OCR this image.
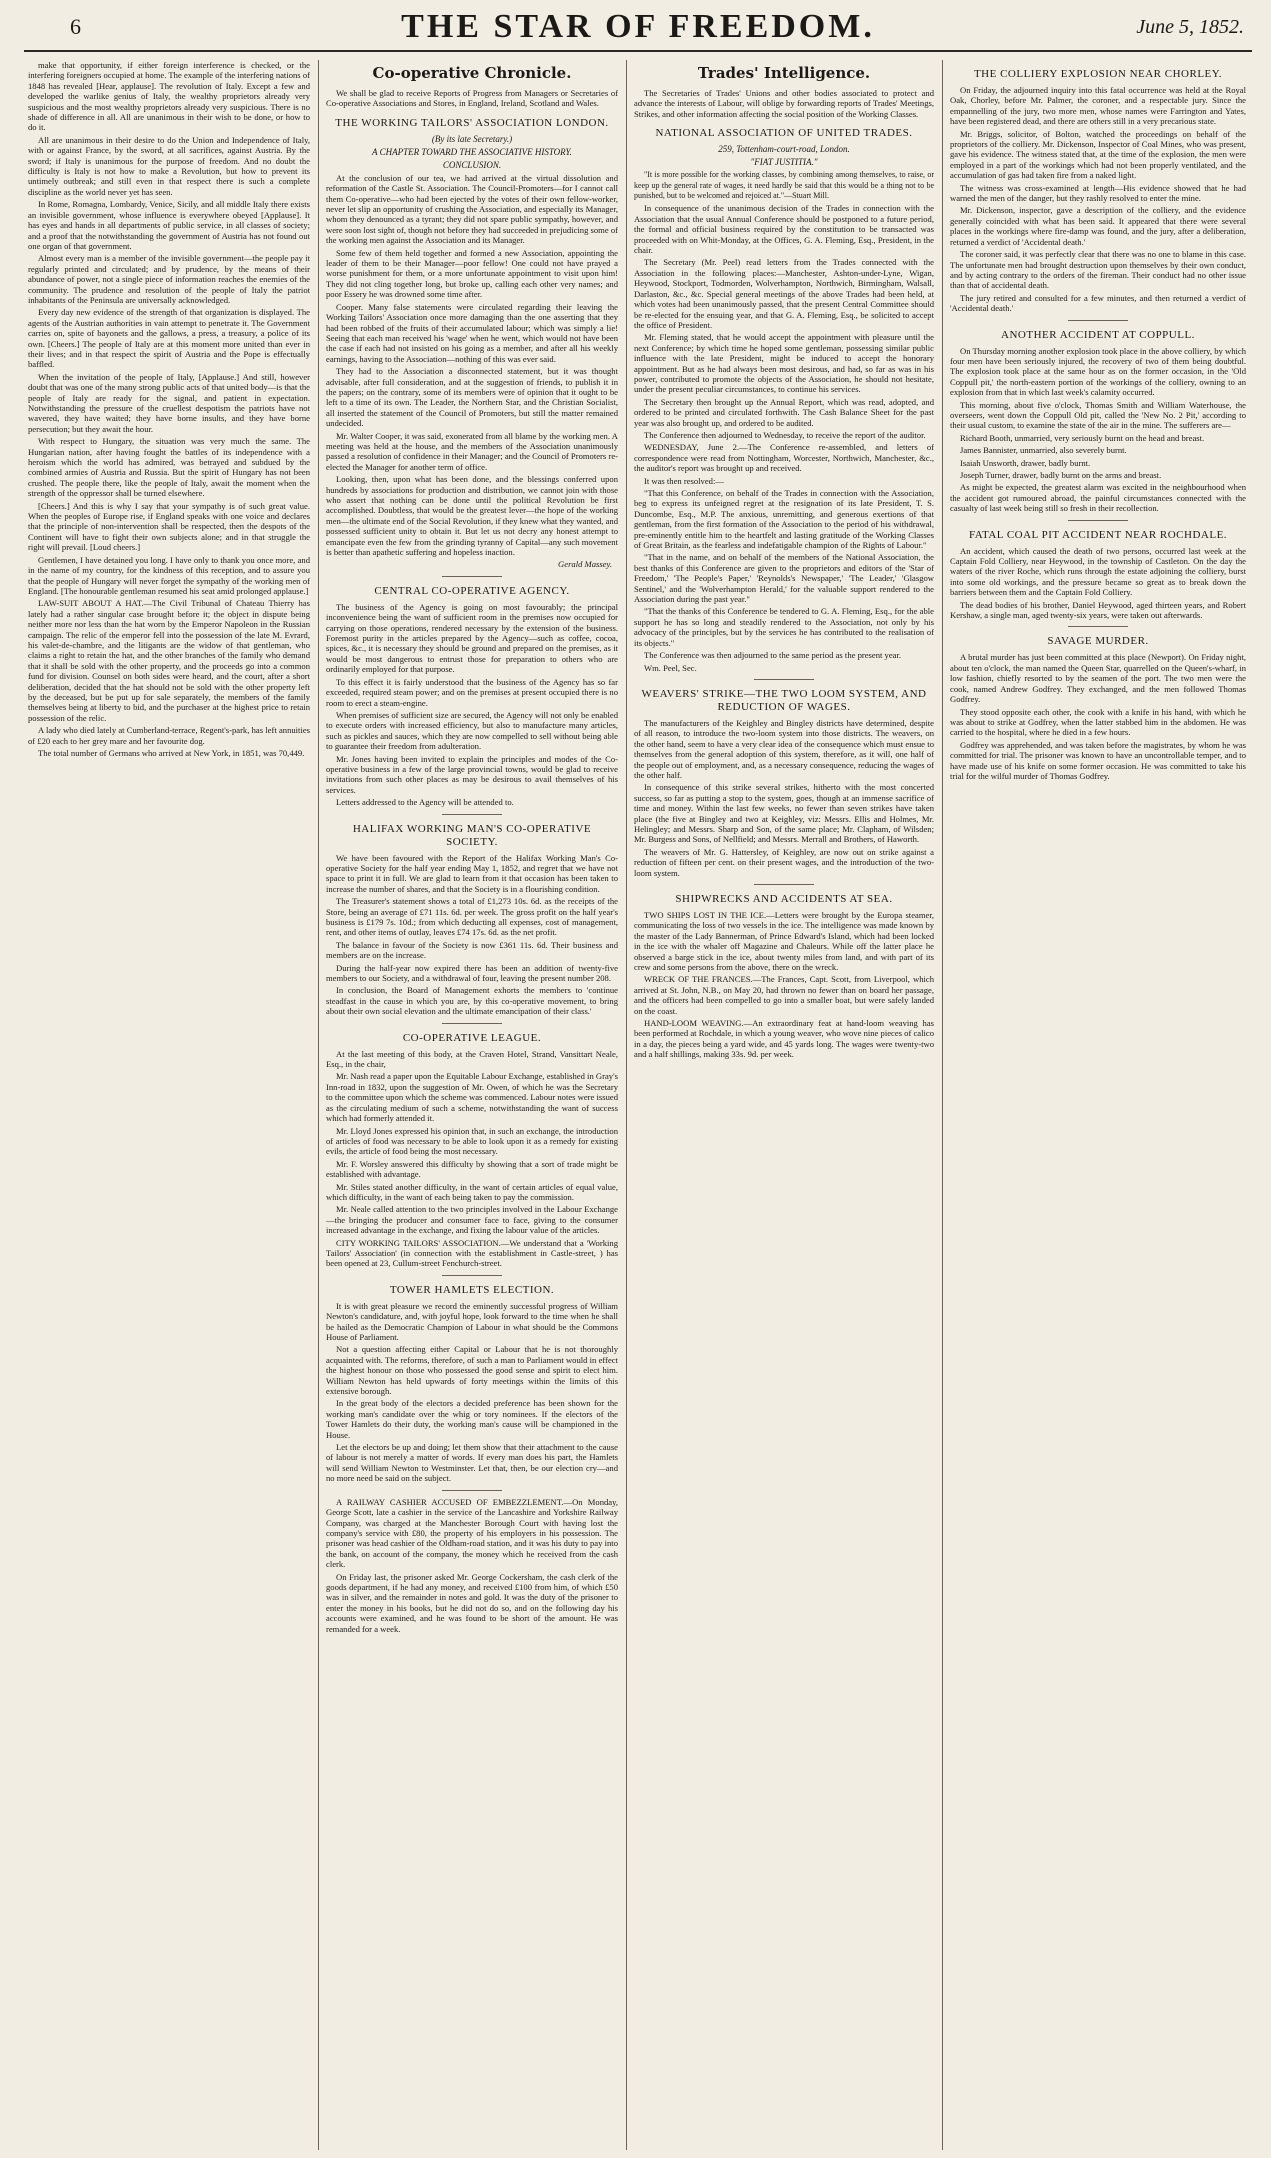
6	THE STAR OF FREEDOM.	June 5, 1852.

make that opportunity, if either foreign interference is checked, or the interfering foreigners occupied at home. The example of the interfering nations of 1848 has revealed [Hear, applause]. The revolution of Italy. Except a few and developed the warlike genius of Italy, the wealthy proprietors already very suspicious and the most wealthy proprietors already very suspicious. There is no shade of difference in all. All are unanimous in their wish to be done, or how to do it.

All are unanimous in their desire to do the Union and Independence of Italy, with or against France, by the sword, at all sacrifices, against Austria. By the sword; if Italy is unanimous for the purpose of freedom. And no doubt the difficulty is Italy is not how to make a Revolution, but how to prevent its untimely outbreak; and still even in that respect there is such a complete discipline as the world never yet has seen.

In Rome, Romagna, Lombardy, Venice, Sicily, and all middle Italy there exists an invisible government, whose influence is everywhere obeyed [Applause]. It has eyes and hands in all departments of public service, in all classes of society; and a proof that the notwithstanding the government of Austria has not found out one organ of that government.

Almost every man is a member of the invisible government—the people pay it regularly printed and circulated; and by prudence, by the means of their abundance of power, not a single piece of information reaches the enemies of the community. The prudence and resolution of the people of Italy the patriot inhabitants of the Peninsula are universally acknowledged.

Every day new evidence of the strength of that organization is displayed. The agents of the Austrian authorities in vain attempt to penetrate it. The Government carries on, spite of bayonets and the gallows, a press, a treasury, a police of its own. [Cheers.] The people of Italy are at this moment more united than ever in their lives; and in that respect the spirit of Austria and the Pope is effectually baffled.

When the invitation of the people of Italy, [Applause.] And still, however doubt that was one of the many strong public acts of that united body—is that the people of Italy are ready for the signal, and patient in expectation. Notwithstanding the pressure of the cruellest despotism the patriots have not wavered, they have waited; they have borne insults, and they have borne persecution; but they await the hour.

With respect to Hungary, the situation was very much the same. The Hungarian nation, after having fought the battles of its independence with a heroism which the world has admired, was betrayed and subdued by the combined armies of Austria and Russia. But the spirit of Hungary has not been crushed. The people there, like the people of Italy, await the moment when the strength of the oppressor shall be turned elsewhere.

[Cheers.] And this is why I say that your sympathy is of such great value. When the peoples of Europe rise, if England speaks with one voice and declares that the principle of non-intervention shall be respected, then the despots of the Continent will have to fight their own subjects alone; and in that struggle the right will prevail. [Loud cheers.]

Gentlemen, I have detained you long. I have only to thank you once more, and in the name of my country, for the kindness of this reception, and to assure you that the people of Hungary will never forget the sympathy of the working men of England. [The honourable gentleman resumed his seat amid prolonged applause.]

LAW-SUIT ABOUT A HAT.—The Civil Tribunal of Chateau Thierry has lately had a rather singular case brought before it; the object in dispute being neither more nor less than the hat worn by the Emperor Napoleon in the Russian campaign. The relic of the emperor fell into the possession of the late M. Evrard, his valet-de-chambre, and the litigants are the widow of that gentleman, who claims a right to retain the hat, and the other branches of the family who demand that it shall be sold with the other property, and the proceeds go into a common fund for division. Counsel on both sides were heard, and the court, after a short deliberation, decided that the hat should not be sold with the other property left by the deceased, but be put up for sale separately, the members of the family themselves being at liberty to bid, and the purchaser at the highest price to retain possession of the relic.

A lady who died lately at Cumberland-terrace, Regent's-park, has left annuities of £20 each to her grey mare and her favourite dog.

The total number of Germans who arrived at New York, in 1851, was 70,449.

Co-operative Chronicle.

We shall be glad to receive Reports of Progress from Managers or Secretaries of Co-operative Associations and Stores, in England, Ireland, Scotland and Wales.

THE WORKING TAILORS' ASSOCIATION LONDON.
(By its late Secretary.)
A CHAPTER TOWARD THE ASSOCIATIVE HISTORY.
CONCLUSION.

At the conclusion of our tea, we had arrived at the virtual dissolution and reformation of the Castle St. Association. The Council-Promoters—for I cannot call them Co-operative—who had been ejected by the votes of their own fellow-worker, never let slip an opportunity of crushing the Association, and especially its Manager, whom they denounced as a tyrant; they did not spare public sympathy, however, and were soon lost sight of, though not before they had succeeded in prejudicing some of the working men against the Association and its Manager.

Some few of them held together and formed a new Association, appointing the leader of them to be their Manager—poor fellow! One could not have prayed a worse punishment for them, or a more unfortunate appointment to visit upon him! They did not cling together long, but broke up, calling each other very names; and poor Essery he was drowned some time after.

Cooper. Many false statements were circulated regarding their leaving the Working Tailors' Association once more damaging than the one asserting that they had been robbed of the fruits of their accumulated labour; which was simply a lie! Seeing that each man received his 'wage' when he went, which would not have been the case if each had not insisted on his going as a member, and after all his weekly earnings, having to the Association—nothing of this was ever said.

They had to the Association a disconnected statement, but it was thought advisable, after full consideration, and at the suggestion of friends, to publish it in the papers; on the contrary, some of its members were of opinion that it ought to be left to a time of its own. The Leader, the Northern Star, and the Christian Socialist, all inserted the statement of the Council of Promoters, but still the matter remained undecided.

Mr. Walter Cooper, it was said, exonerated from all blame by the working men. A meeting was held at the house, and the members of the Association unanimously passed a resolution of confidence in their Manager; and the Council of Promoters re-elected the Manager for another term of office.

Looking, then, upon what has been done, and the blessings conferred upon hundreds by associations for production and distribution, we cannot join with those who assert that nothing can be done until the political Revolution be first accomplished. Doubtless, that would be the greatest lever—the hope of the working men—the ultimate end of the Social Revolution, if they knew what they wanted, and possessed sufficient unity to obtain it. But let us not decry any honest attempt to emancipate even the few from the grinding tyranny of Capital—any such movement is better than apathetic suffering and hopeless inaction.

Gerald Massey.
CENTRAL CO-OPERATIVE AGENCY.

The business of the Agency is going on most favourably; the principal inconvenience being the want of sufficient room in the premises now occupied for carrying on those operations, rendered necessary by the extension of the business. Foremost purity in the articles prepared by the Agency—such as coffee, cocoa, spices, &c., it is necessary they should be ground and prepared on the premises, as it would be most dangerous to entrust those for preparation to others who are ordinarily employed for that purpose.

To this effect it is fairly understood that the business of the Agency has so far exceeded, required steam power; and on the premises at present occupied there is no room to erect a steam-engine.

When premises of sufficient size are secured, the Agency will not only be enabled to execute orders with increased efficiency, but also to manufacture many articles, such as pickles and sauces, which they are now compelled to sell without being able to guarantee their freedom from adulteration.

Mr. Jones having been invited to explain the principles and modes of the Co-operative business in a few of the large provincial towns, would be glad to receive invitations from such other places as may be desirous to avail themselves of his services.

Letters addressed to the Agency will be attended to.

HALIFAX WORKING MAN'S CO-OPERATIVE SOCIETY.

We have been favoured with the Report of the Halifax Working Man's Co-operative Society for the half year ending May 1, 1852, and regret that we have not space to print it in full. We are glad to learn from it that occasion has been taken to increase the number of shares, and that the Society is in a flourishing condition.

The Treasurer's statement shows a total of £1,273 10s. 6d. as the receipts of the Store, being an average of £71 11s. 6d. per week. The gross profit on the half year's business is £179 7s. 10d.; from which deducting all expenses, cost of management, rent, and other items of outlay, leaves £74 17s. 6d. as the net profit.

The balance in favour of the Society is now £361 11s. 6d. Their business and members are on the increase.

During the half-year now expired there has been an addition of twenty-five members to our Society, and a withdrawal of four, leaving the present number 208.

In conclusion, the Board of Management exhorts the members to 'continue steadfast in the cause in which you are, by this co-operative movement, to bring about their own social elevation and the ultimate emancipation of their class.'

CO-OPERATIVE LEAGUE.

At the last meeting of this body, at the Craven Hotel, Strand, Vansittart Neale, Esq., in the chair,

Mr. Nash read a paper upon the Equitable Labour Exchange, established in Gray's Inn-road in 1832, upon the suggestion of Mr. Owen, of which he was the Secretary to the committee upon which the scheme was commenced. Labour notes were issued as the circulating medium of such a scheme, notwithstanding the want of success which had formerly attended it.

Mr. Lloyd Jones expressed his opinion that, in such an exchange, the introduction of articles of food was necessary to be able to look upon it as a remedy for existing evils, the article of food being the most necessary.

Mr. F. Worsley answered this difficulty by showing that a sort of trade might be established with advantage.

Mr. Stiles stated another difficulty, in the want of certain articles of equal value, which difficulty, in the want of each being taken to pay the commission.

Mr. Neale called attention to the two principles involved in the Labour Exchange—the bringing the producer and consumer face to face, giving to the consumer increased advantage in the exchange, and fixing the labour value of the articles.

CITY WORKING TAILORS' ASSOCIATION.—We understand that a 'Working Tailors' Association' (in connection with the establishment in Castle-street, ) has been opened at 23, Cullum-street Fenchurch-street.

TOWER HAMLETS ELECTION.

It is with great pleasure we record the eminently successful progress of William Newton's candidature, and, with joyful hope, look forward to the time when he shall be hailed as the Democratic Champion of Labour in what should be the Commons House of Parliament.

Not a question affecting either Capital or Labour that he is not thoroughly acquainted with. The reforms, therefore, of such a man to Parliament would in effect the highest honour on those who possessed the good sense and spirit to elect him. William Newton has held upwards of forty meetings within the limits of this extensive borough.

In the great body of the electors a decided preference has been shown for the working man's candidate over the whig or tory nominees. If the electors of the Tower Hamlets do their duty, the working man's cause will be championed in the House.

Let the electors be up and doing; let them show that their attachment to the cause of labour is not merely a matter of words. If every man does his part, the Hamlets will send William Newton to Westminster. Let that, then, be our election cry—and no more need be said on the subject.

A RAILWAY CASHIER ACCUSED OF EMBEZZLEMENT.—On Monday, George Scott, late a cashier in the service of the Lancashire and Yorkshire Railway Company, was charged at the Manchester Borough Court with having lost the company's service with £80, the property of his employers in his possession. The prisoner was head cashier of the Oldham-road station, and it was his duty to pay into the bank, on account of the company, the money which he received from the cash clerk.

On Friday last, the prisoner asked Mr. George Cockersham, the cash clerk of the goods department, if he had any money, and received £100 from him, of which £50 was in silver, and the remainder in notes and gold. It was the duty of the prisoner to enter the money in his books, but he did not do so, and on the following day his accounts were examined, and he was found to be short of the amount. He was remanded for a week.

Trades' Intelligence.

The Secretaries of Trades' Unions and other bodies associated to protect and advance the interests of Labour, will oblige by forwarding reports of Trades' Meetings, Strikes, and other information affecting the social position of the Working Classes.

NATIONAL ASSOCIATION OF UNITED TRADES.
259, Tottenham-court-road, London.
"FIAT JUSTITIA."

"It is more possible for the working classes, by combining among themselves, to raise, or keep up the general rate of wages, it need hardly be said that this would be a thing not to be punished, but to be welcomed and rejoiced at."—Stuart Mill.

In consequence of the unanimous decision of the Trades in connection with the Association that the usual Annual Conference should be postponed to a future period, the formal and official business required by the constitution to be transacted was proceeded with on Whit-Monday, at the Offices, G. A. Fleming, Esq., President, in the chair.

The Secretary (Mr. Peel) read letters from the Trades connected with the Association in the following places:—Manchester, Ashton-under-Lyne, Wigan, Heywood, Stockport, Todmorden, Wolverhampton, Northwich, Birmingham, Walsall, Darlaston, &c., &c. Special general meetings of the above Trades had been held, at which votes had been unanimously passed, that the present Central Committee should be re-elected for the ensuing year, and that G. A. Fleming, Esq., be solicited to accept the office of President.

Mr. Fleming stated, that he would accept the appointment with pleasure until the next Conference; by which time he hoped some gentleman, possessing similar public influence with the late President, might be induced to accept the honorary appointment. But as he had always been most desirous, and had, so far as was in his power, contributed to promote the objects of the Association, he should not hesitate, under the present peculiar circumstances, to continue his services.

The Secretary then brought up the Annual Report, which was read, adopted, and ordered to be printed and circulated forthwith. The Cash Balance Sheet for the past year was also brought up, and ordered to be audited.

The Conference then adjourned to Wednesday, to receive the report of the auditor.

WEDNESDAY, June 2.—The Conference re-assembled, and letters of correspondence were read from Nottingham, Worcester, Northwich, Manchester, &c., the auditor's report was brought up and received.

It was then resolved:—

"That this Conference, on behalf of the Trades in connection with the Association, beg to express its unfeigned regret at the resignation of its late President, T. S. Duncombe, Esq., M.P. The anxious, unremitting, and generous exertions of that gentleman, from the first formation of the Association to the period of his withdrawal, pre-eminently entitle him to the heartfelt and lasting gratitude of the Working Classes of Great Britain, as the fearless and indefatigable champion of the Rights of Labour."

"That in the name, and on behalf of the members of the National Association, the best thanks of this Conference are given to the proprietors and editors of the 'Star of Freedom,' 'The People's Paper,' 'Reynolds's Newspaper,' 'The Leader,' 'Glasgow Sentinel,' and the 'Wolverhampton Herald,' for the valuable support rendered to the Association during the past year."

"That the thanks of this Conference be tendered to G. A. Fleming, Esq., for the able support he has so long and steadily rendered to the Association, not only by his advocacy of the principles, but by the services he has contributed to the realisation of its objects."

The Conference was then adjourned to the same period as the present year.

Wm. Peel, Sec.

WEAVERS' STRIKE—THE TWO LOOM SYSTEM, AND REDUCTION OF WAGES.

The manufacturers of the Keighley and Bingley districts have determined, despite of all reason, to introduce the two-loom system into those districts. The weavers, on the other hand, seem to have a very clear idea of the consequence which must ensue to themselves from the general adoption of this system, therefore, as it will, one half of the people out of employment, and, as a necessary consequence, reducing the wages of the other half.

In consequence of this strike several strikes, hitherto with the most concerted success, so far as putting a stop to the system, goes, though at an immense sacrifice of time and money. Within the last few weeks, no fewer than seven strikes have taken place (the five at Bingley and two at Keighley, viz: Messrs. Ellis and Holmes, Mr. Helingley; and Messrs. Sharp and Son, of the same place; Mr. Clapham, of Wilsden; Mr. Burgess and Sons, of Nellfield; and Messrs. Merrall and Brothers, of Haworth.

The weavers of Mr. G. Hattersley, of Keighley, are now out on strike against a reduction of fifteen per cent. on their present wages, and the introduction of the two-loom system.

SHIPWRECKS AND ACCIDENTS AT SEA.

TWO SHIPS LOST IN THE ICE.—Letters were brought by the Europa steamer, communicating the loss of two vessels in the ice. The intelligence was made known by the master of the Lady Bannerman, of Prince Edward's Island, which had been locked in the ice with the whaler off Magazine and Chaleurs. While off the latter place he observed a barge stick in the ice, about twenty miles from land, and with part of its crew and some persons from the above, there on the wreck.

WRECK OF THE FRANCES.—The Frances, Capt. Scott, from Liverpool, which arrived at St. John, N.B., on May 20, had thrown no fewer than on board her passage, and the officers had been compelled to go into a smaller boat, but were safely landed on the coast.

HAND-LOOM WEAVING.—An extraordinary feat at hand-loom weaving has been performed at Rochdale, in which a young weaver, who wove nine pieces of calico in a day, the pieces being a yard wide, and 45 yards long. The wages were twenty-two and a half shillings, making 33s. 9d. per week.

THE COLLIERY EXPLOSION NEAR CHORLEY.

On Friday, the adjourned inquiry into this fatal occurrence was held at the Royal Oak, Chorley, before Mr. Palmer, the coroner, and a respectable jury. Since the empannelling of the jury, two more men, whose names were Farrington and Yates, have been registered dead, and there are others still in a very precarious state.

Mr. Briggs, solicitor, of Bolton, watched the proceedings on behalf of the proprietors of the colliery. Mr. Dickenson, Inspector of Coal Mines, who was present, gave his evidence. The witness stated that, at the time of the explosion, the men were employed in a part of the workings which had not been properly ventilated, and the accumulation of gas had taken fire from a naked light.

The witness was cross-examined at length—His evidence showed that he had warned the men of the danger, but they rashly resolved to enter the mine.

Mr. Dickenson, inspector, gave a description of the colliery, and the evidence generally coincided with what has been said. It appeared that there were several places in the workings where fire-damp was found, and the jury, after a deliberation, returned a verdict of 'Accidental death.'

The coroner said, it was perfectly clear that there was no one to blame in this case. The unfortunate men had brought destruction upon themselves by their own conduct, and by acting contrary to the orders of the fireman. Their conduct had no other issue than that of accidental death.

The jury retired and consulted for a few minutes, and then returned a verdict of 'Accidental death.'

ANOTHER ACCIDENT AT COPPULL.

On Thursday morning another explosion took place in the above colliery, by which four men have been seriously injured, the recovery of two of them being doubtful. The explosion took place at the same hour as on the former occasion, in the 'Old Coppull pit,' the north-eastern portion of the workings of the colliery, owning to an explosion from that in which last week's calamity occurred.

This morning, about five o'clock, Thomas Smith and William Waterhouse, the overseers, went down the Coppull Old pit, called the 'New No. 2 Pit,' according to their usual custom, to examine the state of the air in the mine. The sufferers are—

Richard Booth, unmarried, very seriously burnt on the head and breast.

James Bannister, unmarried, also severely burnt.

Isaiah Unsworth, drawer, badly burnt.

Joseph Turner, drawer, badly burnt on the arms and breast.

As might be expected, the greatest alarm was excited in the neighbourhood when the accident got rumoured abroad, the painful circumstances connected with the casualty of last week being still so fresh in their recollection.

FATAL COAL PIT ACCIDENT NEAR ROCHDALE.

An accident, which caused the death of two persons, occurred last week at the Captain Fold Colliery, near Heywood, in the township of Castleton. On the day the waters of the river Roche, which runs through the estate adjoining the colliery, burst into some old workings, and the pressure became so great as to break down the barriers between them and the Captain Fold Colliery.

The dead bodies of his brother, Daniel Heywood, aged thirteen years, and Robert Kershaw, a single man, aged twenty-six years, were taken out afterwards.

SAVAGE MURDER.

A brutal murder has just been committed at this place (Newport). On Friday night, about ten o'clock, the man named the Queen Star, quarrelled on the Queen's-wharf, in low fashion, chiefly resorted to by the seamen of the port. The two men were the cook, named Andrew Godfrey. They exchanged, and the men followed Thomas Godfrey.

They stood opposite each other, the cook with a knife in his hand, with which he was about to strike at Godfrey, when the latter stabbed him in the abdomen. He was carried to the hospital, where he died in a few hours.

Godfrey was apprehended, and was taken before the magistrates, by whom he was committed for trial. The prisoner was known to have an uncontrollable temper, and to have made use of his knife on some former occasion. He was committed to take his trial for the wilful murder of Thomas Godfrey.
